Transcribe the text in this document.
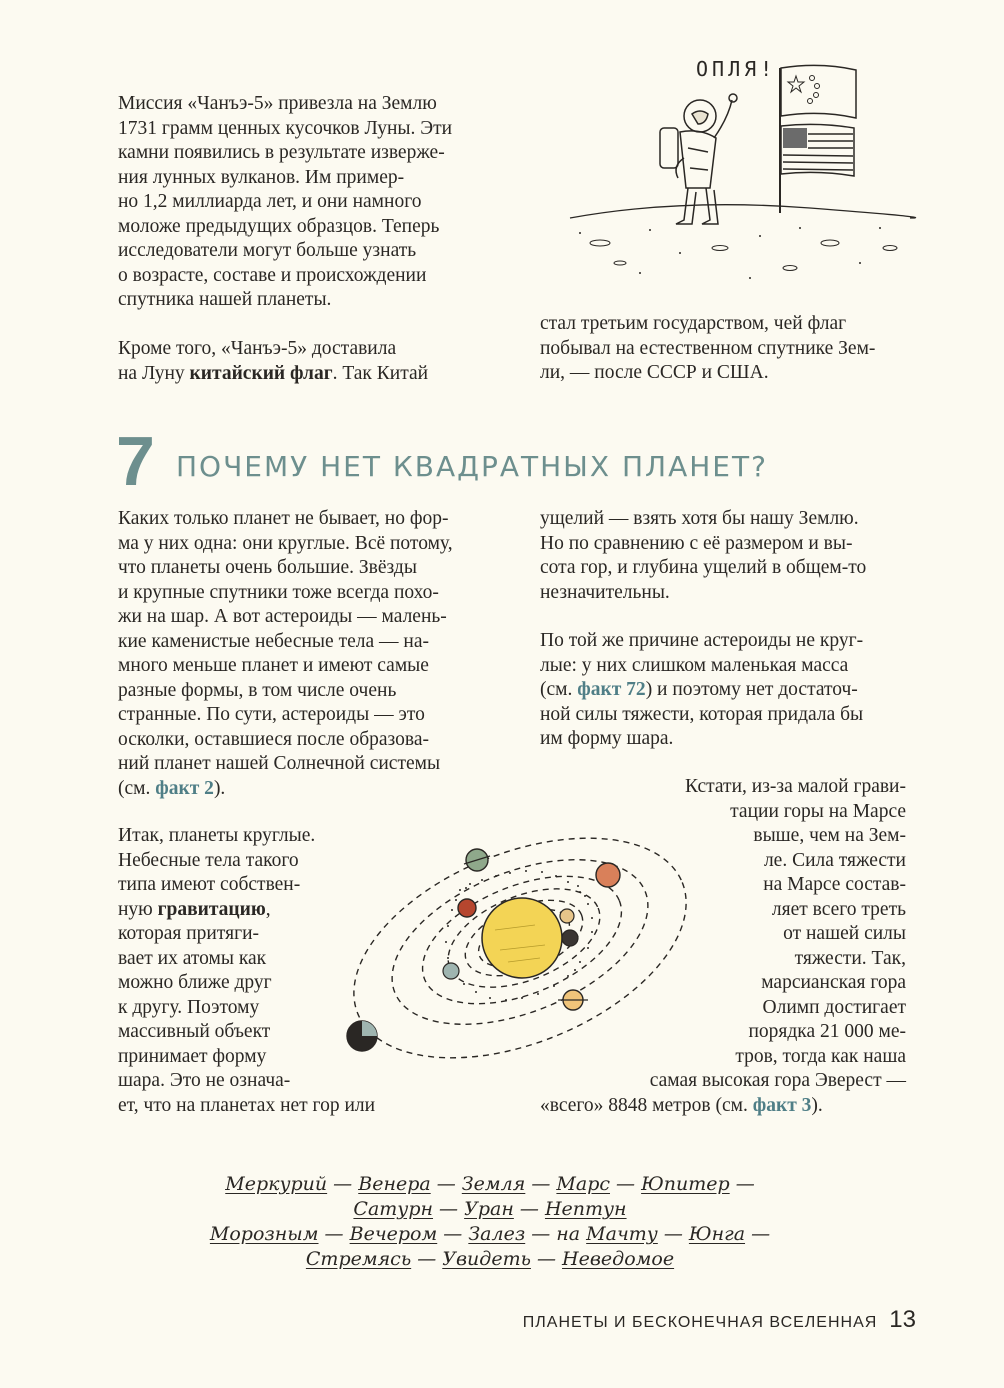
Миссия «Чанъэ-5» привезла на Землю
1731 грамм ценных кусочков Луны. Эти
камни появились в результате изверже-
ния лунных вулканов. Им пример-
но 1,2 миллиарда лет, и они намного
моложе предыдущих образцов. Теперь
исследователи могут больше узнать
о возрасте, составе и происхождении
спутника нашей планеты.
Кроме того, «Чанъэ-5» доставила
на Луну китайский флаг. Так Китай
стал третьим государством, чей флаг
побывал на естественном спутнике Зем-
ли, — после СССР и США.
ОПЛЯ!
7 ПОЧЕМУ НЕТ КВАДРАТНЫХ ПЛАНЕТ?
Каких только планет не бывает, но фор-
ма у них одна: они круглые. Всё потому,
что планеты очень большие. Звёзды
и крупные спутники тоже всегда похо-
жи на шар. А вот астероиды — малень-
кие каменистые небесные тела — на-
много меньше планет и имеют самые
разные формы, в том числе очень
странные. По сути, астероиды — это
осколки, оставшиеся после образова-
ний планет нашей Солнечной системы
(см. факт 2).
ущелий — взять хотя бы нашу Землю.
Но по сравнению с её размером и вы-
сота гор, и глубина ущелий в общем-то
незначительны.
По той же причине астероиды не круг-
лые: у них слишком маленькая масса
(см. факт 72) и поэтому нет достаточ-
ной силы тяжести, которая придала бы
им форму шара.
Итак, планеты круглые.
Небесные тела такого
типа имеют собствен-
ную гравитацию,
которая притяги-
вает их атомы как
можно ближе друг
к другу. Поэтому
массивный объект
принимает форму
шара. Это не означа-
ет, что на планетах нет гор или
Кстати, из-за малой грави-
тации горы на Марсе
выше, чем на Зем-
ле. Сила тяжести
на Марсе состав-
ляет всего треть
от нашей силы
тяжести. Так,
марсианская гора
Олимп достигает
порядка 21 000 ме-
тров, тогда как наша
самая высокая гора Эверест —
«всего» 8848 метров (см. факт 3).
Меркурий — Венера — Земля — Марс — Юпитер —
Сатурн — Уран — Нептун
Морозным — Вечером — Залез — на Мачту — Юнга —
Стремясь — Увидеть — Неведомое
ПЛАНЕТЫ И БЕСКОНЕЧНАЯ ВСЕЛЕННАЯ 13
